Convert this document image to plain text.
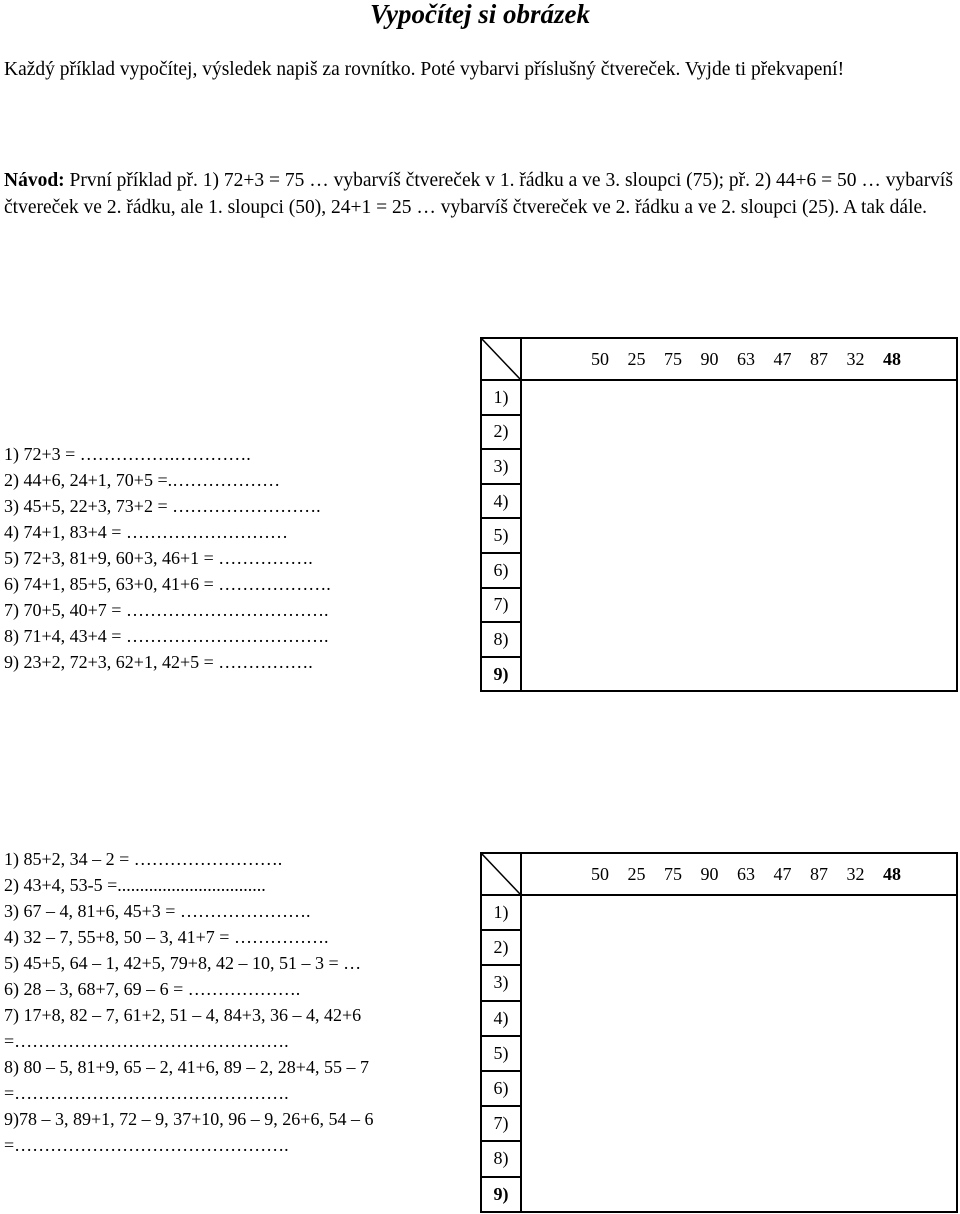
Vypočítej si obrázek

Každý příklad vypočítej, výsledek napiš za rovnítko. Poté vybarvi příslušný čtvereček. Vyjde ti překvapení!

Návod: První příklad př. 1) 72+3 = 75 … vybarvíš čtvereček v 1. řádku a ve 3. sloupci (75); př. 2) 44+6 = 50 … vybarvíš čtvereček ve 2. řádku, ale 1. sloupci (50), 24+1 = 25 … vybarvíš čtvereček ve 2. řádku a ve 2. sloupci (25). A tak dále.

1) 72+3 = …………….………….
2) 44+6, 24+1, 70+5 =.………………
3) 45+5, 22+3, 73+2 = …………………….
4) 74+1, 83+4 = ………………………
5) 72+3, 81+9, 60+3, 46+1 = …………….
6) 74+1, 85+5, 63+0, 41+6 = ……………….
7) 70+5, 40+7 = …………………………….
8) 71+4, 43+4 = …………………………….
9) 23+2, 72+3, 62+1, 42+5 = …………….
	50 25 75 90 63 47 87 32 48
1)	
2)	
3)	
4)	
5)	
6)	
7)	
8)	
9)	
1) 85+2, 34 – 2 = …………………….
2) 43+4, 53-5 =.................................
3) 67 – 4, 81+6, 45+3 = ………………….
4) 32 – 7, 55+8, 50 – 3, 41+7 = …………….
5) 45+5, 64 – 1, 42+5, 79+8, 42 – 10, 51 – 3 = …
6) 28 – 3, 68+7, 69 – 6 = ……………….
7) 17+8, 82 – 7, 61+2, 51 – 4, 84+3, 36 – 4, 42+6
=……………………………………….
8) 80 – 5, 81+9, 65 – 2, 41+6, 89 – 2, 28+4, 55 – 7
=……………………………………….
9)78 – 3, 89+1, 72 – 9, 37+10, 96 – 9, 26+6, 54 – 6
=……………………………………….
	50 25 75 90 63 47 87 32 48
1)	
2)	
3)	
4)	
5)	
6)	
7)	
8)	
9)	
